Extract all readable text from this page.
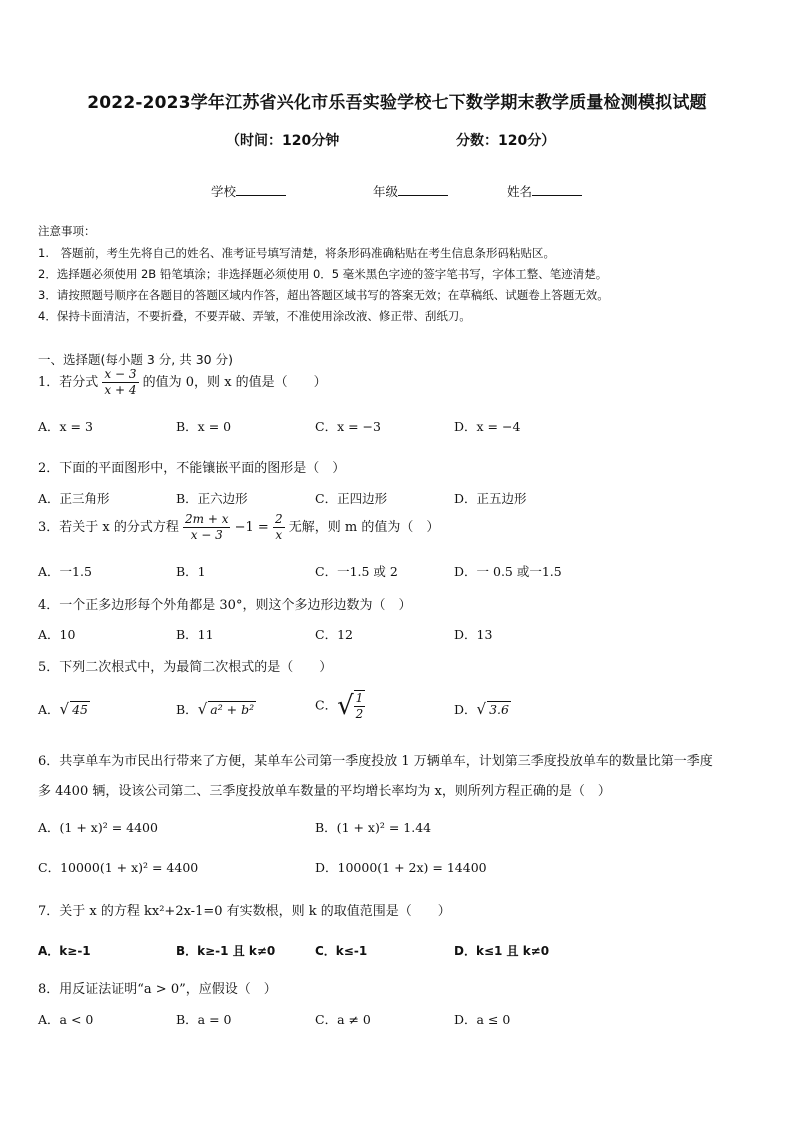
2022-2023学年江苏省兴化市乐吾实验学校七下数学期末教学质量检测模拟试题
（时间：120分钟	分数：120分）
学校	年级	姓名
注意事项：
1.　答题前，考生先将自己的姓名、准考证号填写清楚，将条形码准确粘贴在考生信息条形码粘贴区。
2．选择题必须使用 2B 铅笔填涂；非选择题必须使用 0．5 毫米黑色字迹的签字笔书写，字体工整、笔迹清楚。
3．请按照题号顺序在各题目的答题区域内作答，超出答题区域书写的答案无效；在草稿纸、试题卷上答题无效。
4．保持卡面清洁，不要折叠，不要弄破、弄皱，不准使用涂改液、修正带、刮纸刀。
一、选择题(每小题 3 分, 共 30 分)
1．若分式 $\frac{x - 3}{x + 4}$ 的值为 0，则 x 的值是（　　）
A．x = 3	B．x = 0	C．x = −3	D．x = −4
2．下面的平面图形中，不能镶嵌平面的图形是（　）
A．正三角形	B．正六边形	C．正四边形	D．正五边形
3．若关于 x 的分式方程 $\frac{2m + x}{x - 3} -1 = \frac{2}{x}$ 无解，则 m 的值为（　）
A．一1.5	B．1	C．一1.5 或 2	D．一 0.5 或一1.5
4．一个正多边形每个外角都是 30°，则这个多边形边数为（　）
A．10	B．11	C．12	D．13
5．下列二次根式中，为最简二次根式的是（　　）
A．√ 45	B．√ a² + b²	C．√ $\frac{1}{2}$	D．√ 3.6
6．共享单车为市民出行带来了方便，某单车公司第一季度投放 1 万辆单车，计划第三季度投放单车的数量比第一季度
多 4400 辆，设该公司第二、三季度投放单车数量的平均增长率均为 x，则所列方程正确的是（　）
A．(1 + x)² = 4400	B．(1 + x)² = 1.44
C．10000(1 + x)² = 4400	D．10000(1 + 2x) = 14400
7．关于 x 的方程 kx²+2x-1=0 有实数根，则 k 的取值范围是（　　）
A．k≥-1	B．k≥-1 且 k≠0	C．k≤-1	D．k≤1 且 k≠0
8．用反证法证明“a > 0”，应假设（　）
A．a < 0	B．a = 0	C．a ≠ 0	D．a ≤ 0
